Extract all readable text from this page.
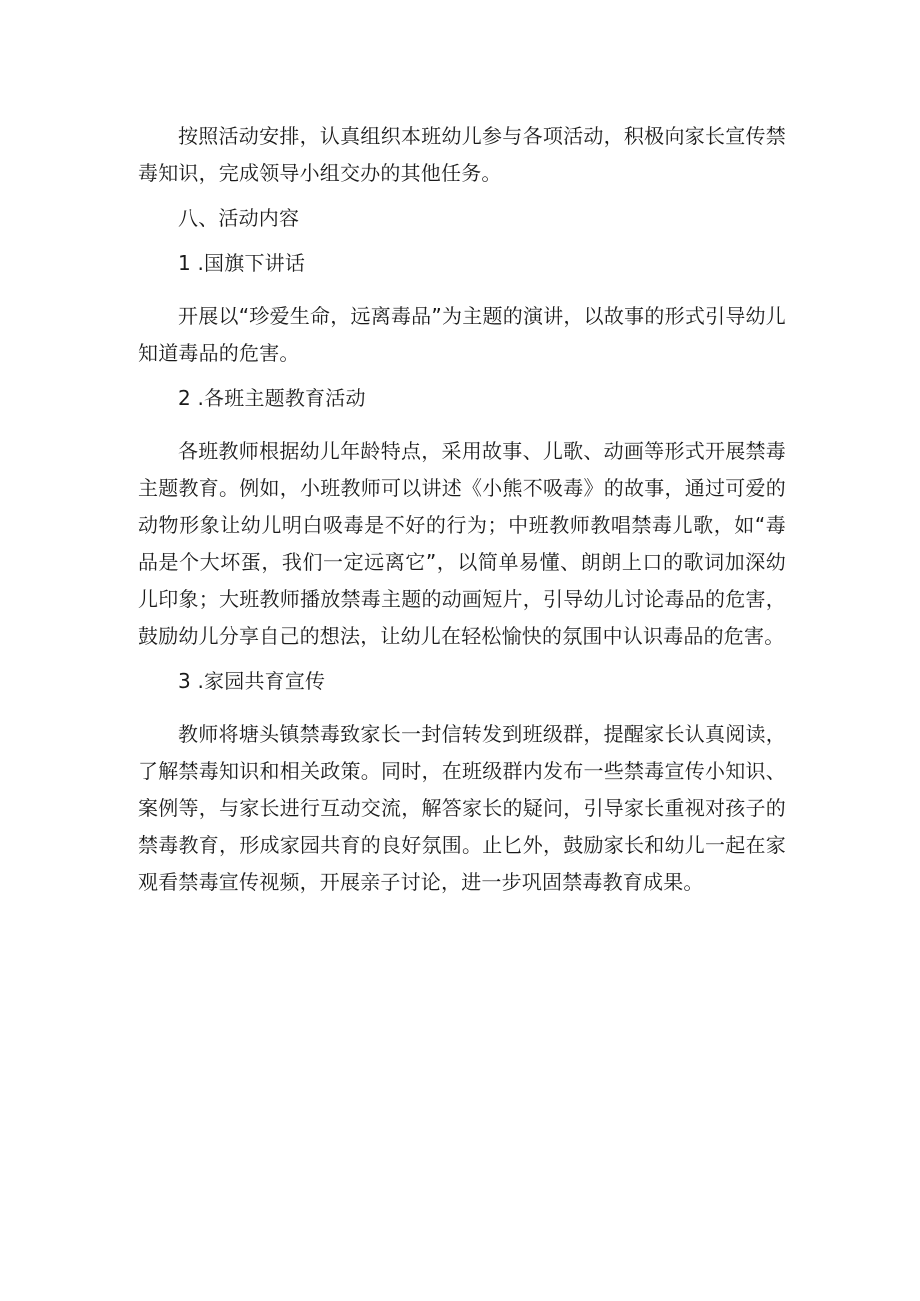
按照活动安排，认真组织本班幼儿参与各项活动，积极向家长宣传禁毒知识，完成领导小组交办的其他任务。

八、活动内容

1 .国旗下讲话

开展以“珍爱生命，远离毒品”为主题的演讲，以故事的形式引导幼儿知道毒品的危害。

2 .各班主题教育活动

各班教师根据幼儿年龄特点，采用故事、儿歌、动画等形式开展禁毒主题教育。例如，小班教师可以讲述《小熊不吸毒》的故事，通过可爱的动物形象让幼儿明白吸毒是不好的行为；中班教师教唱禁毒儿歌，如“毒品是个大坏蛋，我们一定远离它”，以简单易懂、朗朗上口的歌词加深幼儿印象；大班教师播放禁毒主题的动画短片，引导幼儿讨论毒品的危害，鼓励幼儿分享自己的想法，让幼儿在轻松愉快的氛围中认识毒品的危害。

3 .家园共育宣传

教师将塘头镇禁毒致家长一封信转发到班级群，提醒家长认真阅读，了解禁毒知识和相关政策。同时，在班级群内发布一些禁毒宣传小知识、案例等，与家长进行互动交流，解答家长的疑问，引导家长重视对孩子的禁毒教育，形成家园共育的良好氛围。止匕外，鼓励家长和幼儿一起在家观看禁毒宣传视频，开展亲子讨论，进一步巩固禁毒教育成果。
